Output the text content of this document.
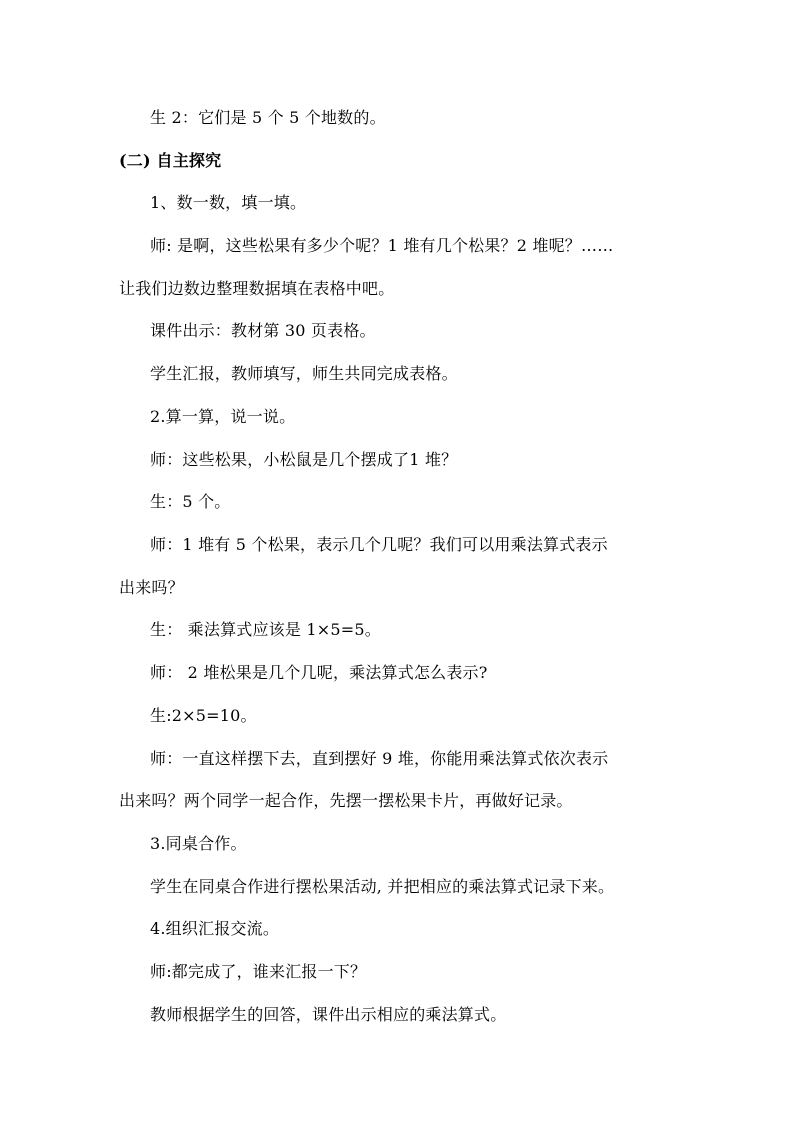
生 2：它们是 5 个 5 个地数的。
(二) 自主探究
1、数一数，填一填。
师: 是啊，这些松果有多少个呢？1 堆有几个松果？2 堆呢？……
让我们边数边整理数据填在表格中吧。
课件出示：教材第 30 页表格。
学生汇报，教师填写，师生共同完成表格。
2.算一算，说一说。
师：这些松果，小松鼠是几个摆成了1 堆？
生：5 个。
师：1 堆有 5 个松果，表示几个几呢？我们可以用乘法算式表示
出来吗？
生： 乘法算式应该是 1×5=5。
师： 2 堆松果是几个几呢，乘法算式怎么表示?
生:2×5=10。
师：一直这样摆下去，直到摆好 9 堆，你能用乘法算式依次表示
出来吗？两个同学一起合作，先摆一摆松果卡片，再做好记录。
3.同桌合作。
学生在同桌合作进行摆松果活动, 并把相应的乘法算式记录下来。
4.组织汇报交流。
师:都完成了，谁来汇报一下？
教师根据学生的回答，课件出示相应的乘法算式。
